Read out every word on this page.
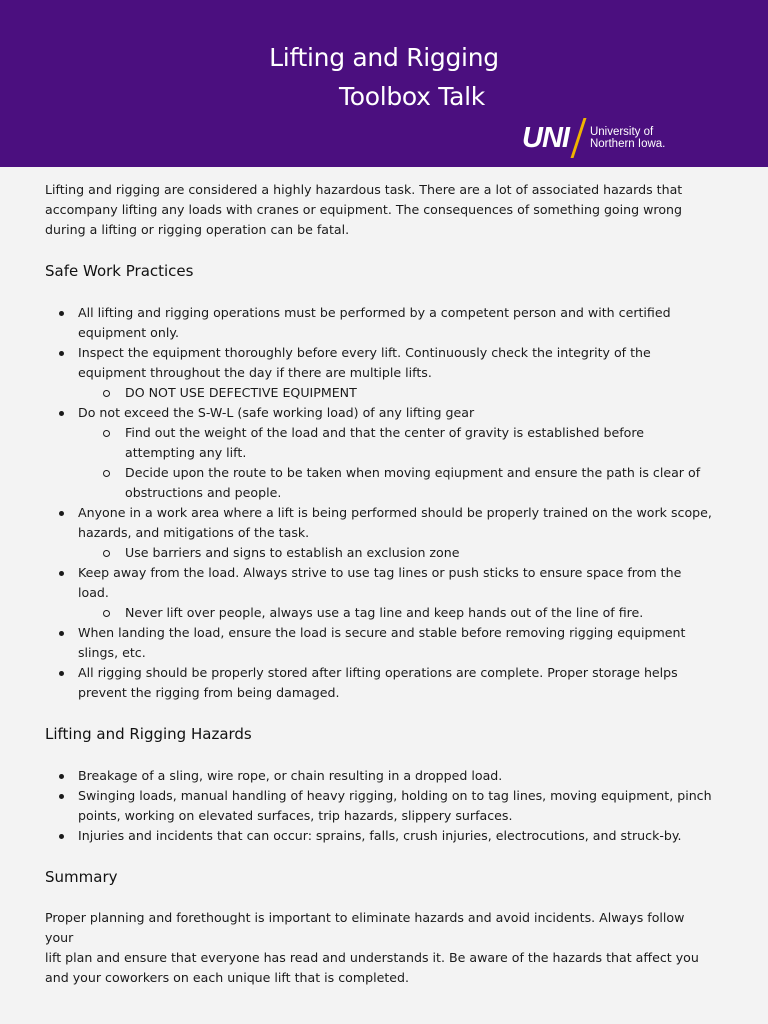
Lifting and Rigging
Toolbox Talk
UNI University of
Northern Iowa.

Lifting and rigging are considered a highly hazardous task. There are a lot of associated hazards that
accompany lifting any loads with cranes or equipment. The consequences of something going wrong
during a lifting or rigging operation can be fatal.

Safe Work Practices
All lifting and rigging operations must be performed by a competent person and with certified
equipment only.
Inspect the equipment thoroughly before every lift. Continuously check the integrity of the
equipment throughout the day if there are multiple lifts.
DO NOT USE DEFECTIVE EQUIPMENT
Do not exceed the S-W-L (safe working load) of any lifting gear
Find out the weight of the load and that the center of gravity is established before
attempting any lift.
Decide upon the route to be taken when moving eqiupment and ensure the path is clear of
obstructions and people.
Anyone in a work area where a lift is being performed should be properly trained on the work scope,
hazards, and mitigations of the task.
Use barriers and signs to establish an exclusion zone
Keep away from the load. Always strive to use tag lines or push sticks to ensure space from the
load.
Never lift over people, always use a tag line and keep hands out of the line of fire.
When landing the load, ensure the load is secure and stable before removing rigging equipment
slings, etc.
All rigging should be properly stored after lifting operations are complete. Proper storage helps
prevent the rigging from being damaged.
Lifting and Rigging Hazards
Breakage of a sling, wire rope, or chain resulting in a dropped load.
Swinging loads, manual handling of heavy rigging, holding on to tag lines, moving equipment, pinch
points, working on elevated surfaces, trip hazards, slippery surfaces.
Injuries and incidents that can occur: sprains, falls, crush injuries, electrocutions, and struck-by.
Summary

Proper planning and forethought is important to eliminate hazards and avoid incidents. Always follow your
lift plan and ensure that everyone has read and understands it. Be aware of the hazards that affect you
and your coworkers on each unique lift that is completed.
